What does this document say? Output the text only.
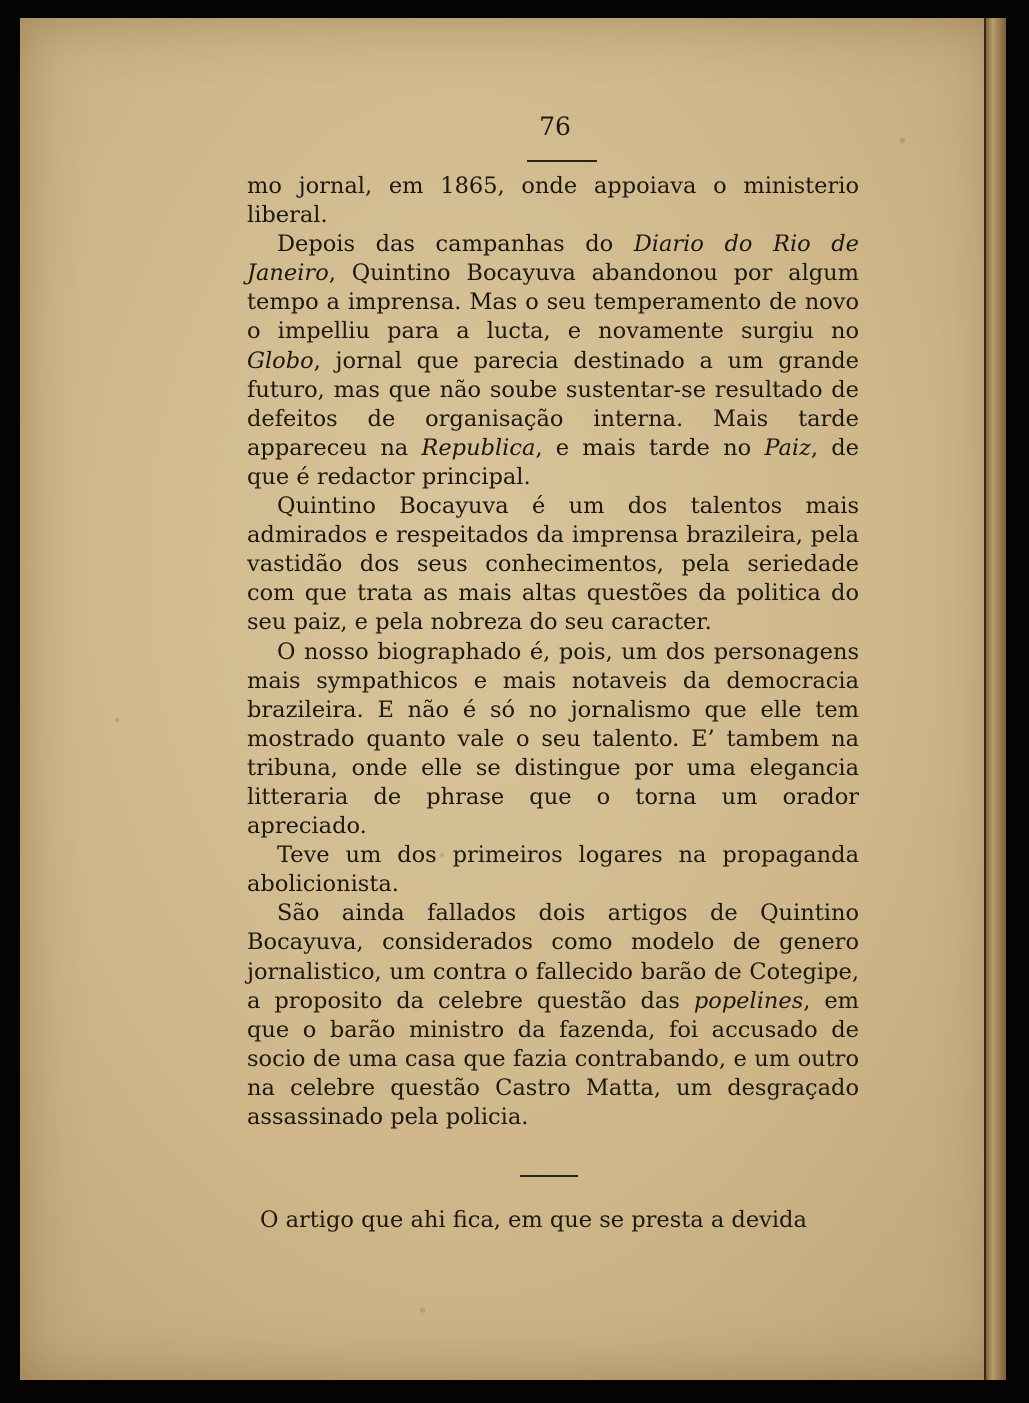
76

mo jornal, em 1865, onde appoiava o ministerio liberal.

Depois das campanhas do Diario do Rio de Janeiro, Quintino Bocayuva abandonou por algum tempo a imprensa. Mas o seu temperamento de novo o impelliu para a lucta, e novamente surgiu no Globo, jornal que parecia destinado a um grande futuro, mas que não soube sustentar-se resultado de defeitos de organisação interna. Mais tarde appareceu na Republica, e mais tarde no Paiz, de que é redactor principal.

Quintino Bocayuva é um dos talentos mais admirados e respeitados da imprensa brazileira, pela vastidão dos seus conhecimentos, pela seriedade com que trata as mais altas questões da politica do seu paiz, e pela nobreza do seu caracter.

O nosso biographado é, pois, um dos personagens mais sympathicos e mais notaveis da democracia brazileira. E não é só no jornalismo que elle tem mostrado quanto vale o seu talento. E’ tambem na tribuna, onde elle se distingue por uma elegancia litteraria de phrase que o torna um orador apreciado.

Teve um dos primeiros logares na propaganda abolicionista.

São ainda fallados dois artigos de Quintino Bocayuva, considerados como modelo de genero jornalistico, um contra o fallecido barão de Cotegipe, a proposito da celebre questão das popelines, em que o barão ministro da fazenda, foi accusado de socio de uma casa que fazia contrabando, e um outro na celebre questão Castro Matta, um desgraçado assassinado pela policia.

O artigo que ahi fica, em que se presta a devida
